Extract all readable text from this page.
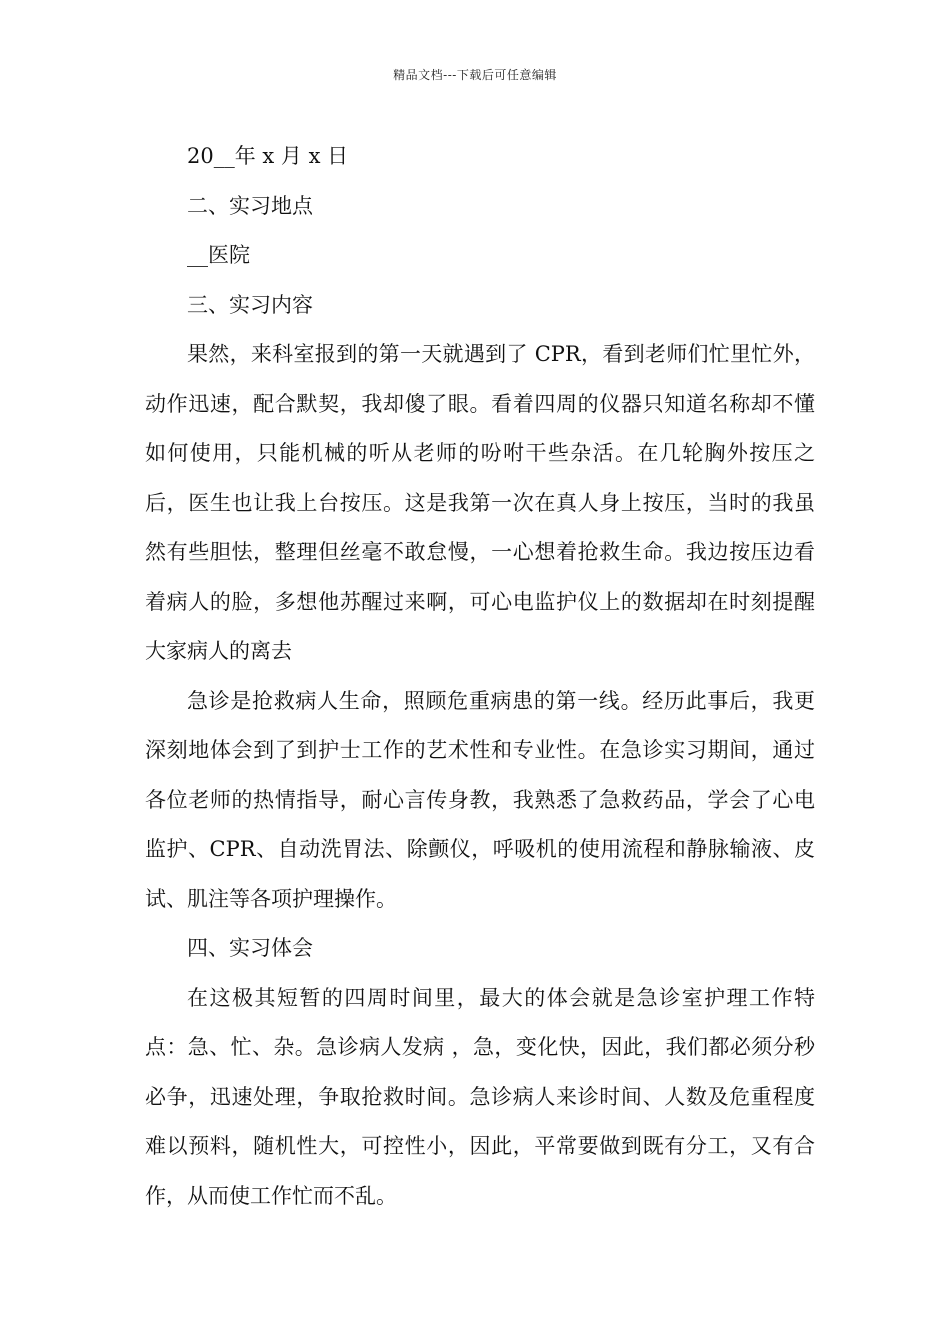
精品文档---下载后可任意编辑

20__年 x 月 x 日

二、实习地点

__医院

三、实习内容

果然，来科室报到的第一天就遇到了 CPR，看到老师们忙里忙外，动作迅速，配合默契，我却傻了眼。看着四周的仪器只知道名称却不懂如何使用，只能机械的听从老师的吩咐干些杂活。在几轮胸外按压之后，医生也让我上台按压。这是我第一次在真人身上按压，当时的我虽然有些胆怯，整理但丝毫不敢怠慢，一心想着抢救生命。我边按压边看着病人的脸，多想他苏醒过来啊，可心电监护仪上的数据却在时刻提醒大家病人的离去

急诊是抢救病人生命，照顾危重病患的第一线。经历此事后，我更深刻地体会到了到护士工作的艺术性和专业性。在急诊实习期间，通过各位老师的热情指导，耐心言传身教，我熟悉了急救药品，学会了心电监护、CPR、自动洗胃法、除颤仪，呼吸机的使用流程和静脉输液、皮试、肌注等各项护理操作。

四、实习体会

在这极其短暂的四周时间里，最大的体会就是急诊室护理工作特点：急、忙、杂。急诊病人发病 ，急，变化快，因此，我们都必须分秒必争，迅速处理，争取抢救时间。急诊病人来诊时间、人数及危重程度难以预料，随机性大，可控性小，因此，平常要做到既有分工，又有合作，从而使工作忙而不乱。
